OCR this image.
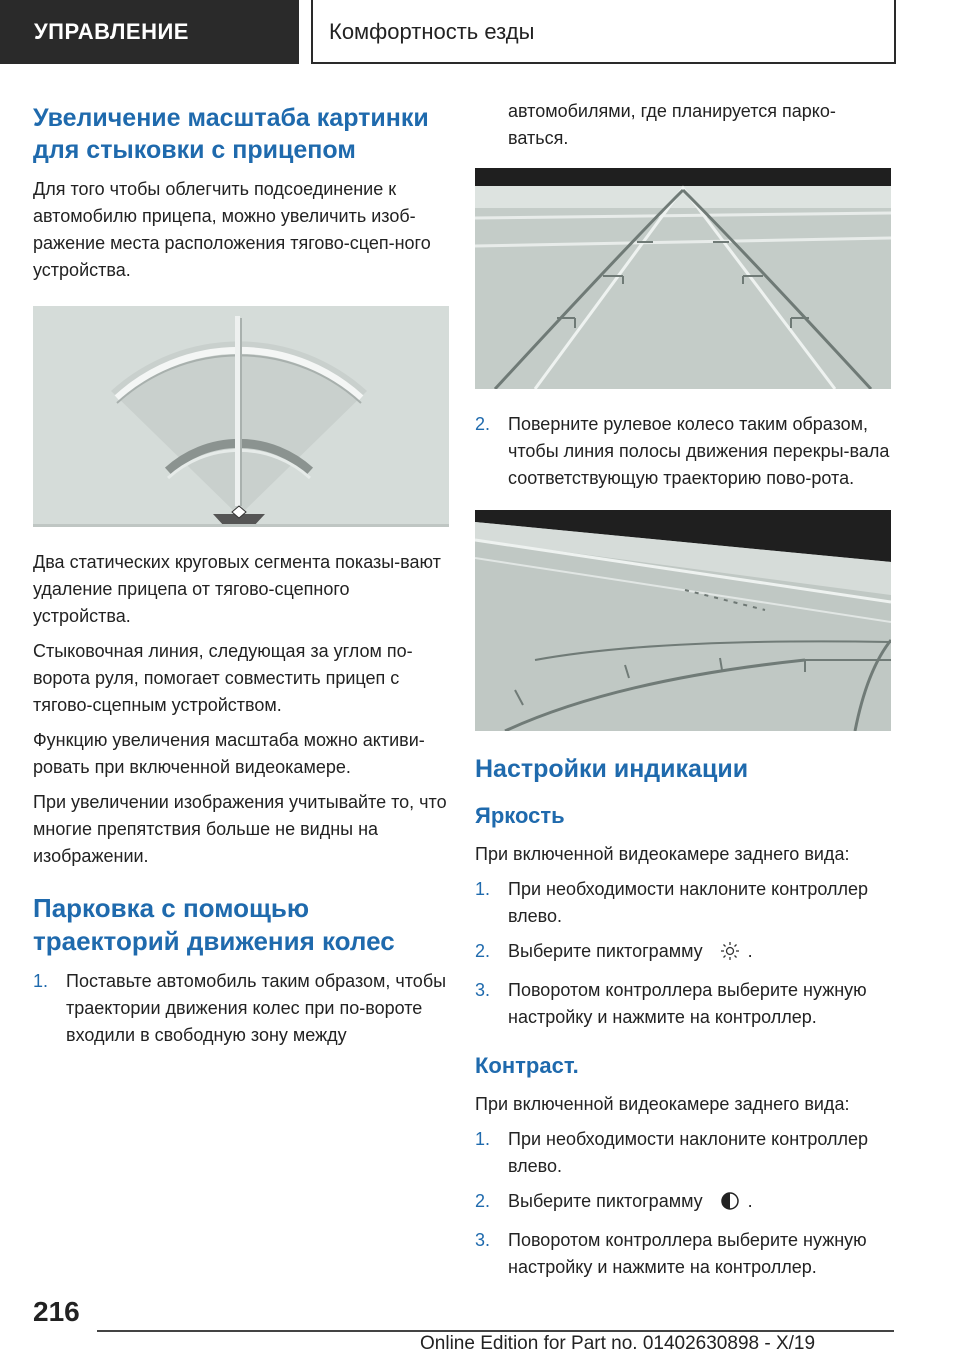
УПРАВЛЕНИЕ	Комфортность езды
Увеличение масштаба картинки для стыковки с прицепом

Для того чтобы облегчить подсоединение к автомобилю прицепа, можно увеличить изоб-ражение места расположения тягово-сцеп-ного устройства.

Два статических круговых сегмента показы-вают удаление прицепа от тягово-сцепного устройства.

Стыковочная линия, следующая за углом по-ворота руля, помогает совместить прицеп с тягово-сцепным устройством.

Функцию увеличения масштаба можно активи-ровать при включенной видеокамере.

При увеличении изображения учитывайте то, что многие препятствия больше не видны на изображении.

Парковка с помощью траекторий движения колес
1. Поставьте автомобиль таким образом, чтобы траектории движения колес при по-вороте входили в свободную зону между

автомобилями, где планируется парко-ваться.

2. Поверните рулевое колесо таким образом, чтобы линия полосы движения перекры-вала соответствующую траекторию пово-рота.
Настройки индикации
Яркость

При включенной видеокамере заднего вида:

1. При необходимости наклоните контроллер влево.
2. Выберите пиктограмму	.
3. Поворотом контроллера выберите нужную настройку и нажмите на контроллер.
Контраст.

При включенной видеокамере заднего вида:

1. При необходимости наклоните контроллер влево.
2. Выберите пиктограмму	.
3. Поворотом контроллера выберите нужную настройку и нажмите на контроллер.
216
Online Edition for Part no. 01402630898 - X/19
